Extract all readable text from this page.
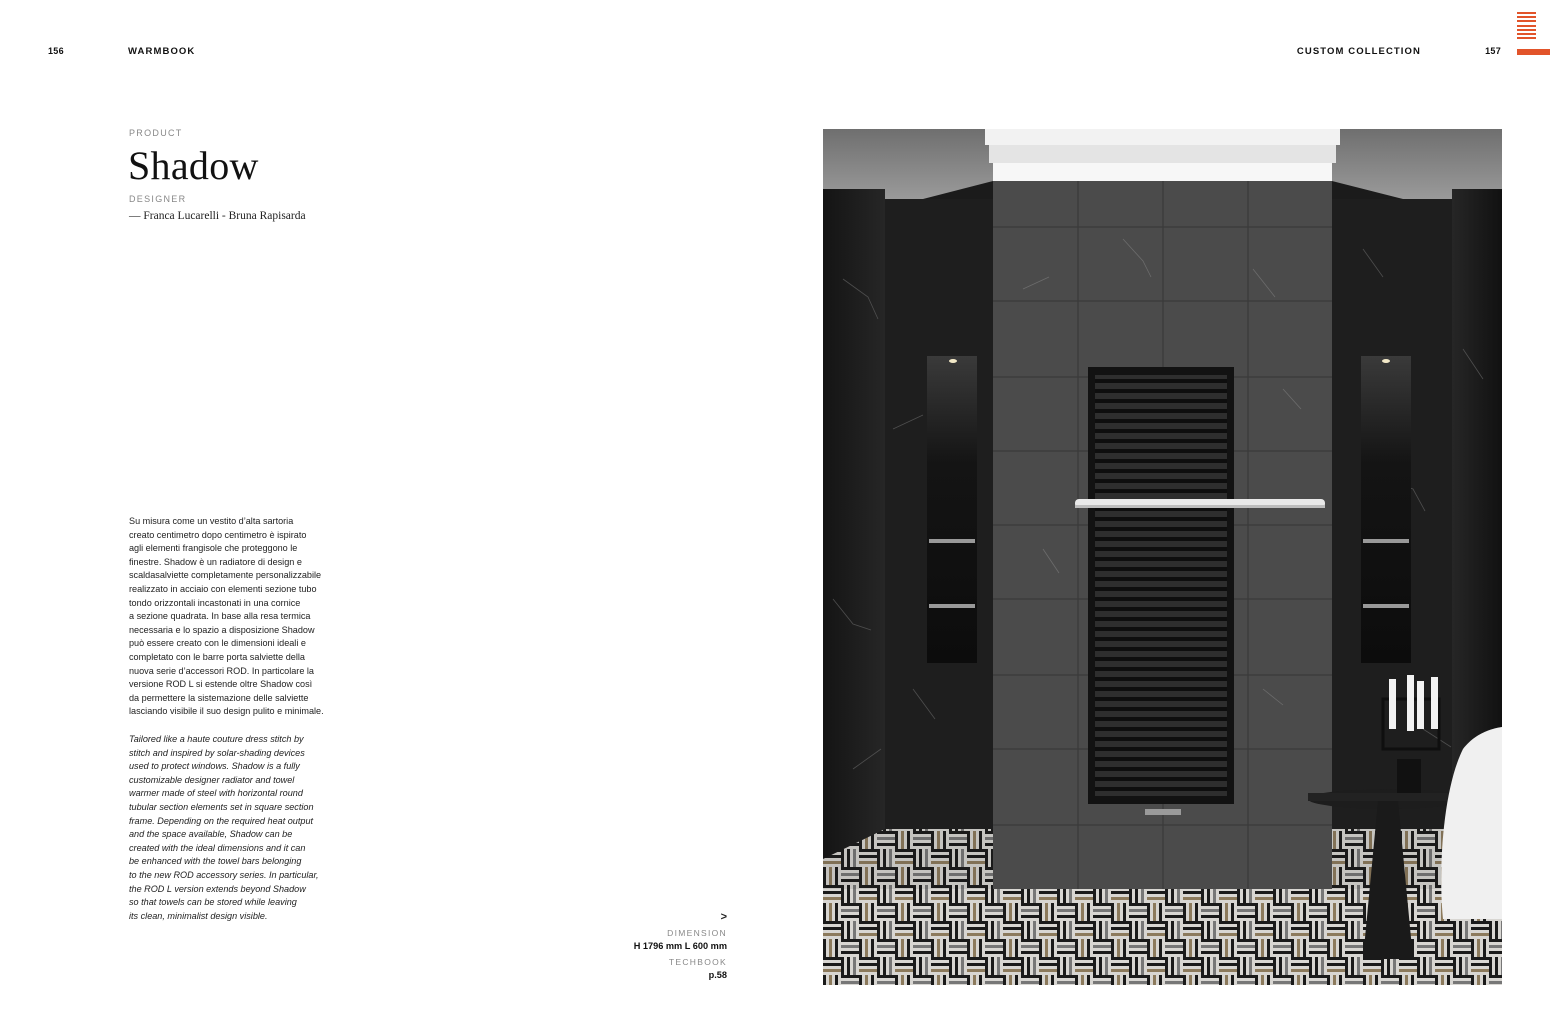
156	WARMBOOK	CUSTOM COLLECTION	157
PRODUCT
Shadow
DESIGNER
— Franca Lucarelli - Bruna Rapisarda

Su misura come un vestito d’alta sartoria
creato centimetro dopo centimetro è ispirato
agli elementi frangisole che proteggono le
finestre. Shadow è un radiatore di design e
scaldasalviette completamente personalizzabile
realizzato in acciaio con elementi sezione tubo
tondo orizzontali incastonati in una cornice
a sezione quadrata. In base alla resa termica
necessaria e lo spazio a disposizione Shadow
può essere creato con le dimensioni ideali e
completato con le barre porta salviette della
nuova serie d’accessori ROD. In particolare la
versione ROD L si estende oltre Shadow così
da permettere la sistemazione delle salviette
lasciando visibile il suo design pulito e minimale.

Tailored like a haute couture dress stitch by
stitch and inspired by solar-shading devices
used to protect windows. Shadow is a fully
customizable designer radiator and towel
warmer made of steel with horizontal round
tubular section elements set in square section
frame. Depending on the required heat output
and the space available, Shadow can be
created with the ideal dimensions and it can
be enhanced with the towel bars belonging
to the new ROD accessory series. In particular,
the ROD L version extends beyond Shadow
so that towels can be stored while leaving
its clean, minimalist design visible.	>
DIMENSION
H 1796 mm L 600 mm
TECHBOOK
p.58
